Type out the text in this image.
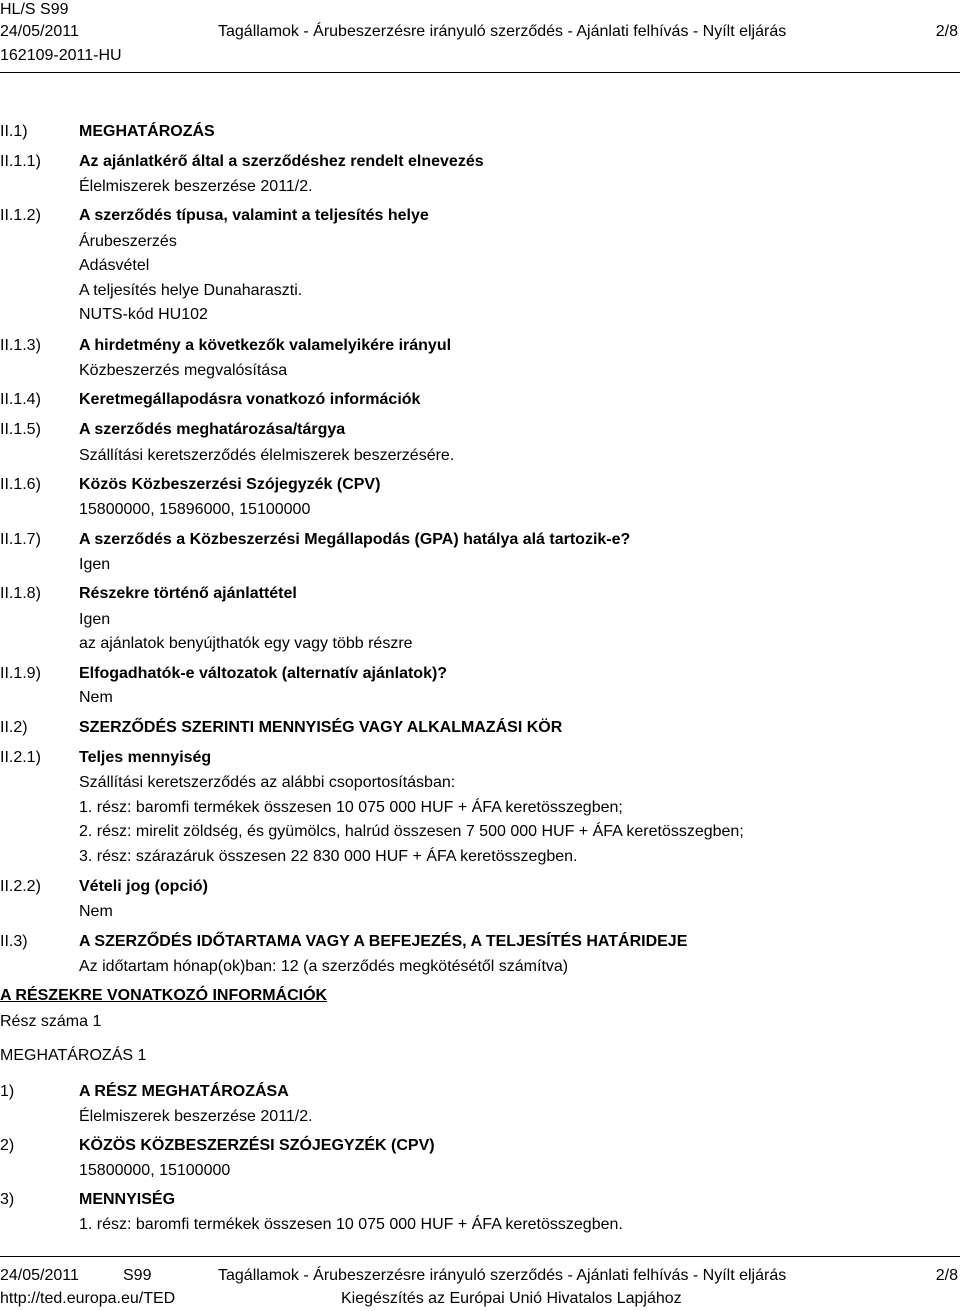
HL/S S99
24/05/2011	Tagállamok - Árubeszerzésre irányuló szerződés - Ajánlati felhívás - Nyílt eljárás	2/8
162109-2011-HU
II.1)	MEGHATÁROZÁS
II.1.1) Az ajánlatkérő által a szerződéshez rendelt elnevezés
Élelmiszerek beszerzése 2011/2.
II.1.2) A szerződés típusa, valamint a teljesítés helye
Árubeszerzés
Adásvétel
A teljesítés helye Dunaharaszti.
NUTS-kód HU102
II.1.3) A hirdetmény a következők valamelyikére irányul
Közbeszerzés megvalósítása
II.1.4) Keretmegállapodásra vonatkozó információk
II.1.5) A szerződés meghatározása/tárgya
Szállítási keretszerződés élelmiszerek beszerzésére.
II.1.6) Közös Közbeszerzési Szójegyzék (CPV)
15800000, 15896000, 15100000
II.1.7) A szerződés a Közbeszerzési Megállapodás (GPA) hatálya alá tartozik-e?
Igen
II.1.8) Részekre történő ajánlattétel
Igen
az ajánlatok benyújthatók egy vagy több részre
II.1.9) Elfogadhatók-e változatok (alternatív ajánlatok)?
Nem
II.2)	SZERZŐDÉS SZERINTI MENNYISÉG VAGY ALKALMAZÁSI KÖR
II.2.1) Teljes mennyiség
Szállítási keretszerződés az alábbi csoportosításban:
1. rész: baromfi termékek összesen 10 075 000 HUF + ÁFA keretösszegben;
2. rész: mirelit zöldség, és gyümölcs, halrúd összesen 7 500 000 HUF + ÁFA keretösszegben;
3. rész: szárazáruk összesen 22 830 000 HUF + ÁFA keretösszegben.
II.2.2) Vételi jog (opció)
Nem
II.3)	A SZERZŐDÉS IDŐTARTAMA VAGY A BEFEJEZÉS, A TELJESÍTÉS HATÁRIDEJE
Az időtartam hónap(ok)ban: 12 (a szerződés megkötésétől számítva)
A RÉSZEKRE VONATKOZÓ INFORMÁCIÓK
Rész száma 1
MEGHATÁROZÁS 1
1)	A RÉSZ MEGHATÁROZÁSA
Élelmiszerek beszerzése 2011/2.
2)	KÖZÖS KÖZBESZERZÉSI SZÓJEGYZÉK (CPV)
15800000, 15100000
3)	MENNYISÉG
1. rész: baromfi termékek összesen 10 075 000 HUF + ÁFA keretösszegben.
24/05/2011	S99	Tagállamok - Árubeszerzésre irányuló szerződés - Ajánlati felhívás - Nyílt eljárás	2/8
http://ted.europa.eu/TED	Kiegészítés az Európai Unió Hivatalos Lapjához
